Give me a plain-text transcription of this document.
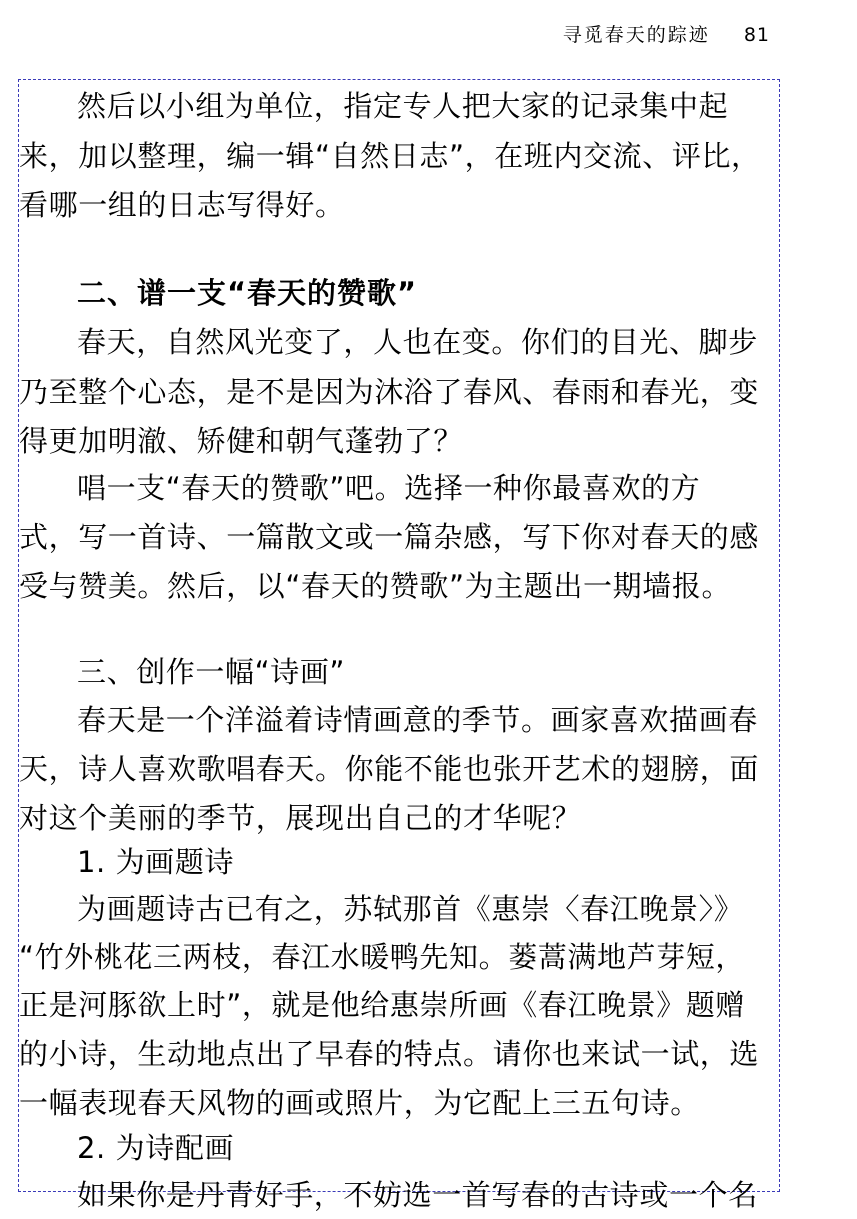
寻觅春天的踪迹 81
然后以小组为单位，指定专人把大家的记录集中起
来，加以整理，编一辑“自然日志”，在班内交流、评比，
看哪一组的日志写得好。
二、谱一支“春天的赞歌”
春天，自然风光变了，人也在变。你们的目光、脚步
乃至整个心态，是不是因为沐浴了春风、春雨和春光，变
得更加明澈、矫健和朝气蓬勃了？
唱一支“春天的赞歌”吧。选择一种你最喜欢的方
式，写一首诗、一篇散文或一篇杂感，写下你对春天的感
受与赞美。然后，以“春天的赞歌”为主题出一期墙报。
三、创作一幅“诗画”
春天是一个洋溢着诗情画意的季节。画家喜欢描画春
天，诗人喜欢歌唱春天。你能不能也张开艺术的翅膀，面
对这个美丽的季节，展现出自己的才华呢？
1. 为画题诗
为画题诗古已有之，苏轼那首《惠崇〈春江晚景〉》
“竹外桃花三两枝，春江水暖鸭先知。蒌蒿满地芦芽短，
正是河豚欲上时”，就是他给惠崇所画《春江晚景》题赠
的小诗，生动地点出了早春的特点。请你也来试一试，选
一幅表现春天风物的画或照片，为它配上三五句诗。
2. 为诗配画
如果你是丹青好手，不妨选一首写春的古诗或一个名
